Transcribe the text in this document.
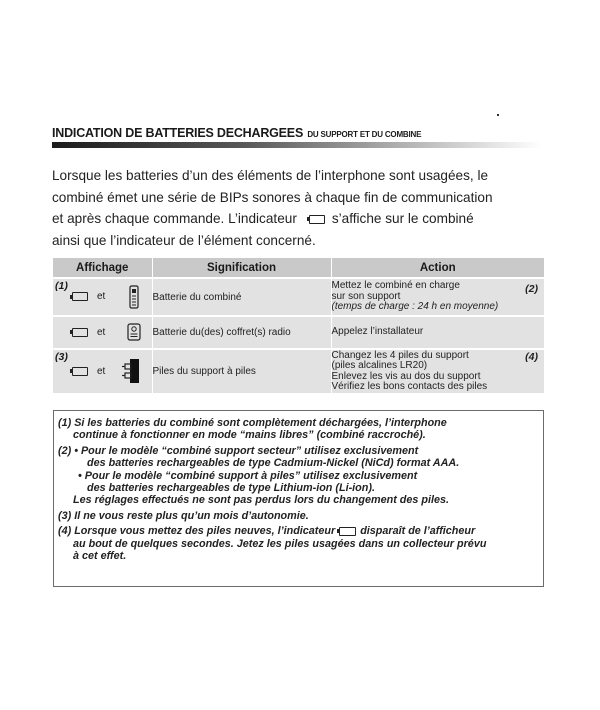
INDICATION DE BATTERIES DECHARGEES DU SUPPORT ET DU COMBINE
Lorsque les batteries d’un des éléments de l’interphone sont usagées, le
combiné émet une série de BIPs sonores à chaque fin de communication
et après chaque commande. L’indicateur	s’affiche sur le combiné
ainsi que l’indicateur de l’élément concerné.
Affichage	Signification	Action

(1)
et	Batterie du combiné	Mettez le combiné en charge
sur son support
(temps de charge : 24 h en moyenne)
(2)

et	Batterie du(des) coffret(s) radio	Appelez l’installateur

(3)
et	Piles du support à piles	Changez les 4 piles du support
(piles alcalines LR20)
Enlevez les vis au dos du support
Vérifiez les bons contacts des piles
(4)
(1) Si les batteries du combiné sont complètement déchargées, l’interphone
continue à fonctionner en mode “mains libres” (combiné raccroché).
(2) • Pour le modèle “combiné support secteur” utilisez exclusivement
des batteries rechargeables de type Cadmium-Nickel (NiCd) format AAA.
• Pour le modèle “combiné support à piles” utilisez exclusivement
des batteries rechargeables de type Lithium-ion (Li-ion).
Les réglages effectués ne sont pas perdus lors du changement des piles.
(3) Il ne vous reste plus qu’un mois d’autonomie.
(4) Lorsque vous mettez des piles neuves, l’indicateur disparaît de l’afficheur
au bout de quelques secondes. Jetez les piles usagées dans un collecteur prévu
à cet effet.
